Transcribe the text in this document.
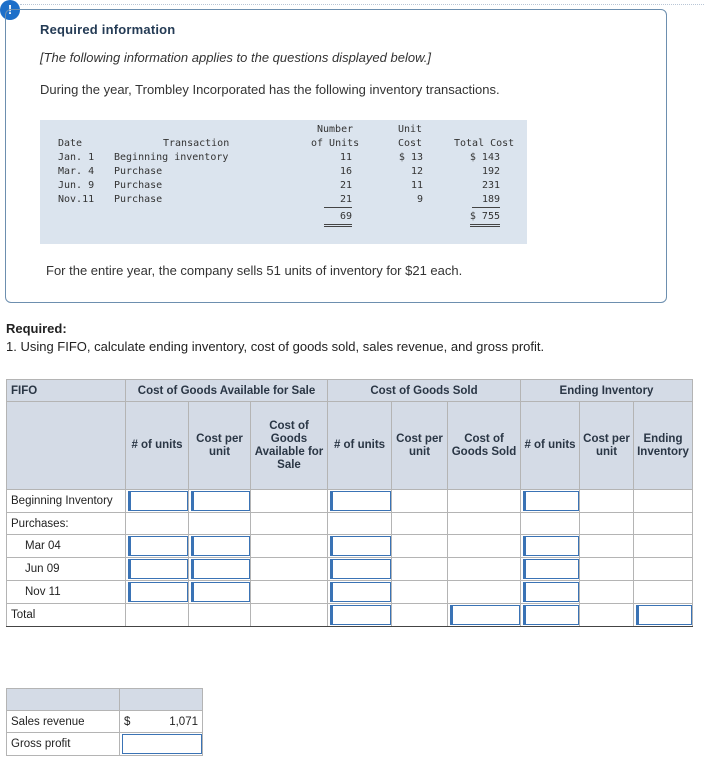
!
Required information
[The following information applies to the questions displayed below.]
During the year, Trombley Incorporated has the following inventory transactions.
Date	Transaction
Number
of Units
Unit
Cost	Total Cost
Jan. 1 Beginning inventory	11	$ 13	$ 143
Mar. 4 Purchase	16	12	192
Jun. 9 Purchase	21	11	231
Nov.11 Purchase	21	9	189
69	$ 755
For the entire year, the company sells 51 units of inventory for $21 each.
Required:
1. Using FIFO, calculate ending inventory, cost of goods sold, sales revenue, and gross profit.
FIFO	Cost of Goods Available for Sale			Cost of Goods Sold			Ending Inventory		
	# of units	Cost per unit	Cost of Goods Available for Sale	# of units	Cost per unit	Cost of Goods Sold	# of units	Cost per unit	Ending Inventory
Beginning Inventory	

Purchases:									
Mar 04	

Jun 09	

Nov 11	

Total				

Sales revenue	$ 1,071

Gross profit	
